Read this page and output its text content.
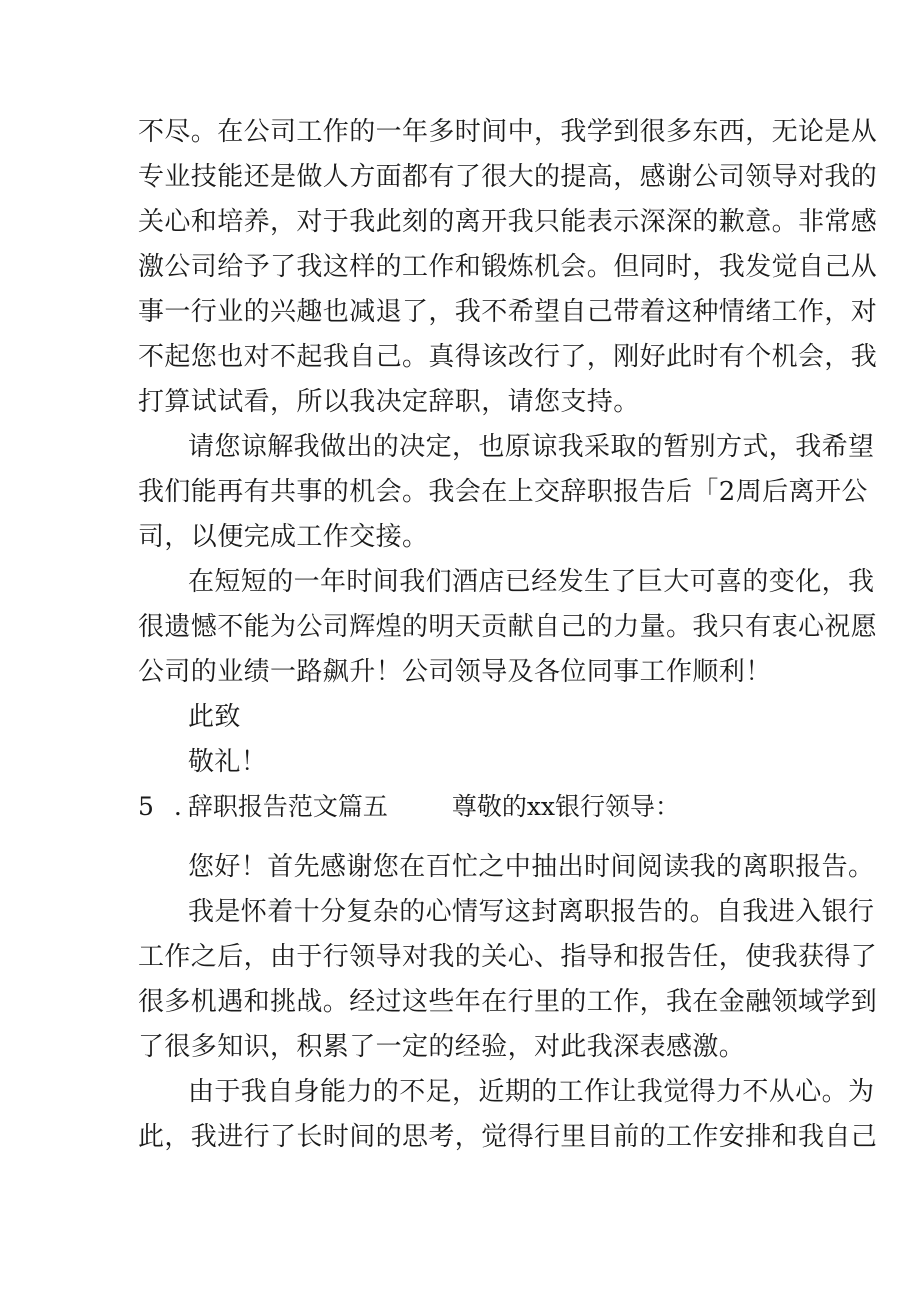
不尽。在公司工作的一年多时间中，我学到很多东西，无论是从
专业技能还是做人方面都有了很大的提高，感谢公司领导对我的
关心和培养，对于我此刻的离开我只能表示深深的歉意。非常感
激公司给予了我这样的工作和锻炼机会。但同时，我发觉自己从
事一行业的兴趣也减退了，我不希望自己带着这种情绪工作，对
不起您也对不起我自己。真得该改行了，刚好此时有个机会，我
打算试试看，所以我决定辞职，请您支持。
请您谅解我做出的决定，也原谅我采取的暂别方式，我希望
我们能再有共事的机会。我会在上交辞职报告后「2周后离开公
司，以便完成工作交接。
在短短的一年时间我们酒店已经发生了巨大可喜的变化，我
很遗憾不能为公司辉煌的明天贡献自己的力量。我只有衷心祝愿
公司的业绩一路飙升！公司领导及各位同事工作顺利！
此致
敬礼！
5 .辞职报告范文篇五	尊敬的xx银行领导：
您好！首先感谢您在百忙之中抽出时间阅读我的离职报告。
我是怀着十分复杂的心情写这封离职报告的。自我进入银行
工作之后，由于行领导对我的关心、指导和报告任，使我获得了
很多机遇和挑战。经过这些年在行里的工作，我在金融领域学到
了很多知识，积累了一定的经验，对此我深表感激。
由于我自身能力的不足，近期的工作让我觉得力不从心。为
此，我进行了长时间的思考，觉得行里目前的工作安排和我自己
